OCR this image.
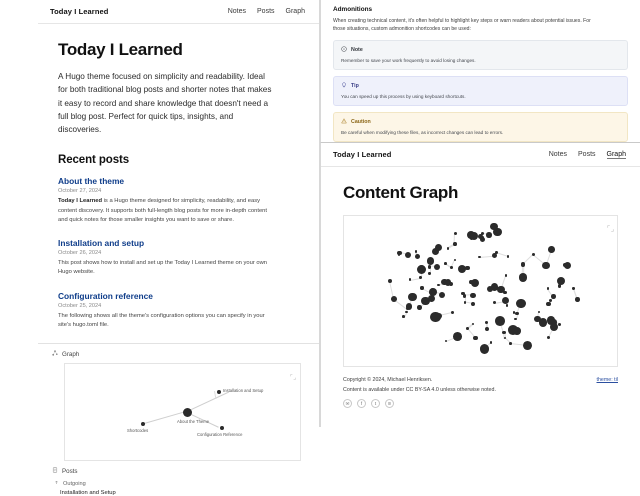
Today I Learned	Notes Posts Graph
Today I Learned

A Hugo theme focused on simplicity and readability. Ideal for both traditional blog posts and shorter notes that makes it easy to record and share knowledge that doesn't need a full blog post. Perfect for quick tips, insights, and discoveries.

Recent posts
About the theme
October 27, 2024

Today I Learned is a Hugo theme designed for simplicity, readability, and easy content discovery. It supports both full-length blog posts for more in-depth content and quick notes for those smaller insights you want to save or share.

Installation and setup
October 26, 2024

This post shows how to install and set up the Today I Learned theme on your own Hugo website.

Configuration reference
October 25, 2024

The following shows all the theme's configuration options you can specify in your site's hugo.toml file.

Graph
About the Theme
Installation and Setup
Shortcodes
Configuration Reference
Posts
Outgoing
Installation and Setup
Admonitions

When creating technical content, it's often helpful to highlight key steps or warn readers about potential issues. For those situations, custom admonition shortcodes can be used:

Note
Remember to save your work frequently to avoid losing changes.
Tip
You can speed up this process by using keyboard shortcuts.
Caution
Be careful when modifying these files, as incorrect changes can lead to errors.
Today I Learned	Notes Posts Graph
Content Graph
Copyright © 2024, Michael Henriksen.	theme: til
Content is available under CC BY-SA 4.0 unless otherwise noted.
✉	f	t	≋
